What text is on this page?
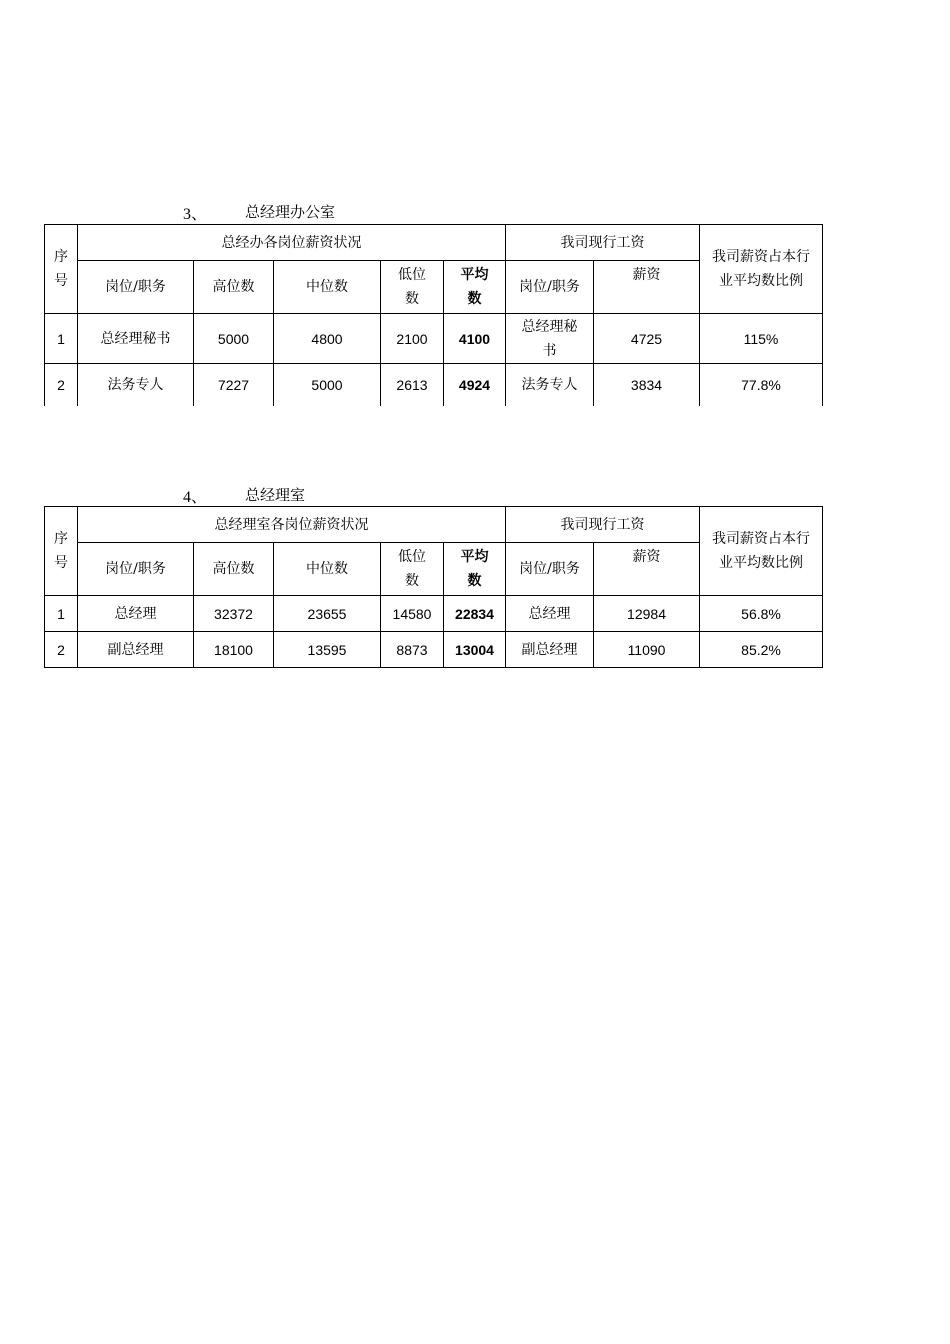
3、	总经理办公室
序号	总经办各岗位薪资状况					我司现行工资		我司薪资占本行业平均数比例
	岗位/职务	高位数	中位数	低位数	平均数	岗位/职务	薪资	
1	总经理秘书	5000	4800	2100	4100	总经理秘书	4725	115%
2	法务专人	7227	5000	2613	4924	法务专人	3834	77.8%
4、	总经理室
序号	总经理室各岗位薪资状况					我司现行工资		我司薪资占本行业平均数比例
	岗位/职务	高位数	中位数	低位数	平均数	岗位/职务	薪资	
1	总经理	32372	23655	14580	22834	总经理	12984	56.8%
2	副总经理	18100	13595	8873	13004	副总经理	11090	85.2%
